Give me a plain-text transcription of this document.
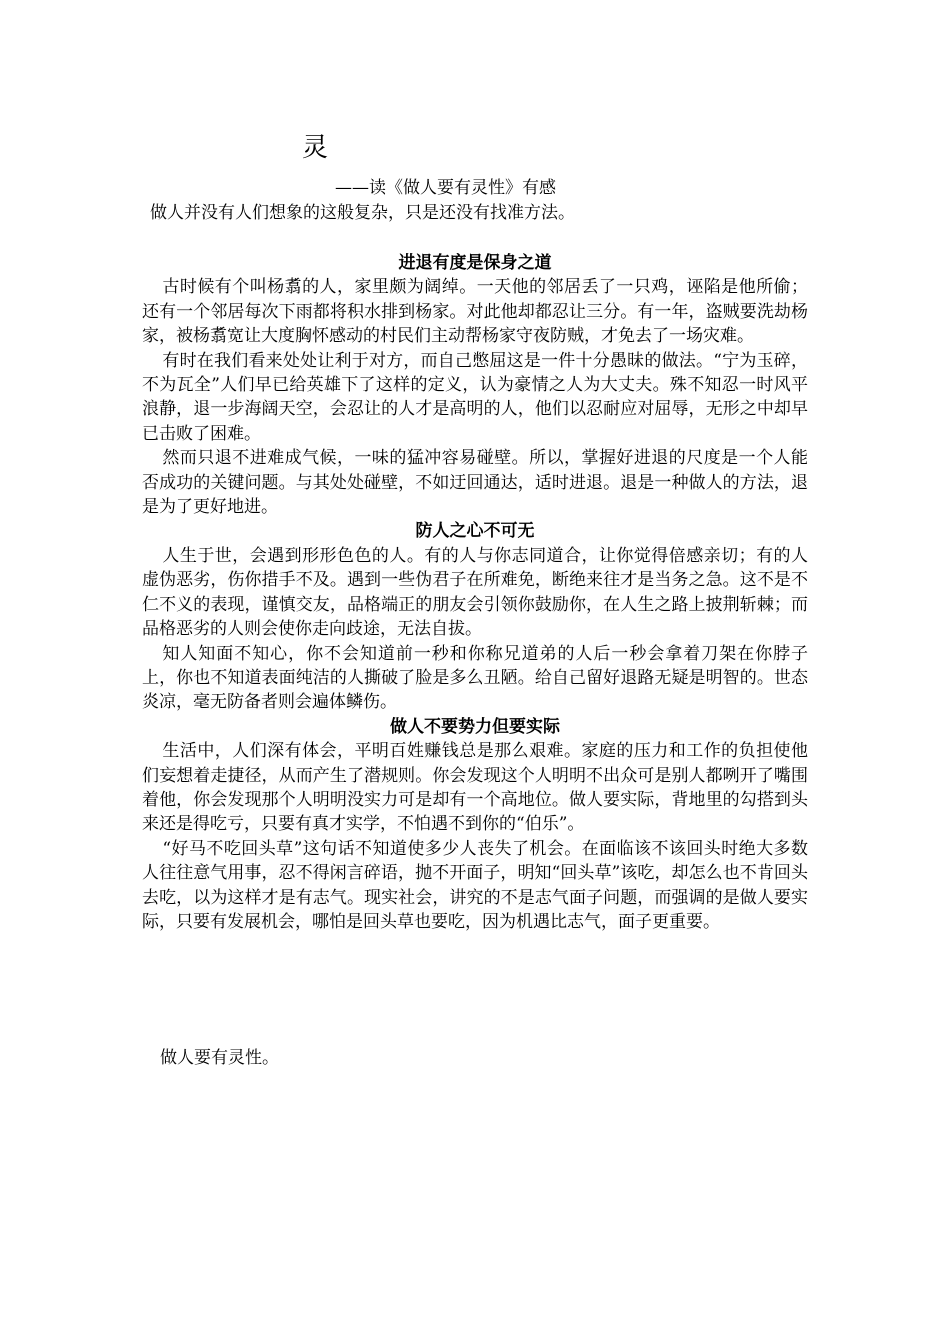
灵

——读《做人要有灵性》有感

做人并没有人们想象的这般复杂，只是还没有找准方法。

进退有度是保身之道

古时候有个叫杨翥的人，家里颇为阔绰。一天他的邻居丢了一只鸡，诬陷是他所偷；还有一个邻居每次下雨都将积水排到杨家。对此他却都忍让三分。有一年，盗贼要洗劫杨家，被杨翥宽让大度胸怀感动的村民们主动帮杨家守夜防贼，才免去了一场灾难。

有时在我们看来处处让利于对方，而自己憋屈这是一件十分愚昧的做法。“宁为玉碎，不为瓦全”人们早已给英雄下了这样的定义，认为豪情之人为大丈夫。殊不知忍一时风平浪静，退一步海阔天空，会忍让的人才是高明的人，他们以忍耐应对屈辱，无形之中却早已击败了困难。

然而只退不进难成气候，一味的猛冲容易碰壁。所以，掌握好进退的尺度是一个人能否成功的关键问题。与其处处碰壁，不如迂回通达，适时进退。退是一种做人的方法，退是为了更好地进。

防人之心不可无

人生于世，会遇到形形色色的人。有的人与你志同道合，让你觉得倍感亲切；有的人虚伪恶劣，伤你措手不及。遇到一些伪君子在所难免，断绝来往才是当务之急。这不是不仁不义的表现，谨慎交友，品格端正的朋友会引领你鼓励你，在人生之路上披荆斩棘；而品格恶劣的人则会使你走向歧途，无法自拔。

知人知面不知心，你不会知道前一秒和你称兄道弟的人后一秒会拿着刀架在你脖子上，你也不知道表面纯洁的人撕破了脸是多么丑陋。给自己留好退路无疑是明智的。世态炎凉，毫无防备者则会遍体鳞伤。

做人不要势力但要实际

生活中，人们深有体会，平明百姓赚钱总是那么艰难。家庭的压力和工作的负担使他们妄想着走捷径，从而产生了潜规则。你会发现这个人明明不出众可是别人都咧开了嘴围着他，你会发现那个人明明没实力可是却有一个高地位。做人要实际，背地里的勾搭到头来还是得吃亏，只要有真才实学，不怕遇不到你的“伯乐”。

“好马不吃回头草”这句话不知道使多少人丧失了机会。在面临该不该回头时绝大多数人往往意气用事，忍不得闲言碎语，抛不开面子，明知“回头草”该吃，却怎么也不肯回头去吃，以为这样才是有志气。现实社会，讲究的不是志气面子问题，而强调的是做人要实际，只要有发展机会，哪怕是回头草也要吃，因为机遇比志气，面子更重要。

做人要有灵性。
